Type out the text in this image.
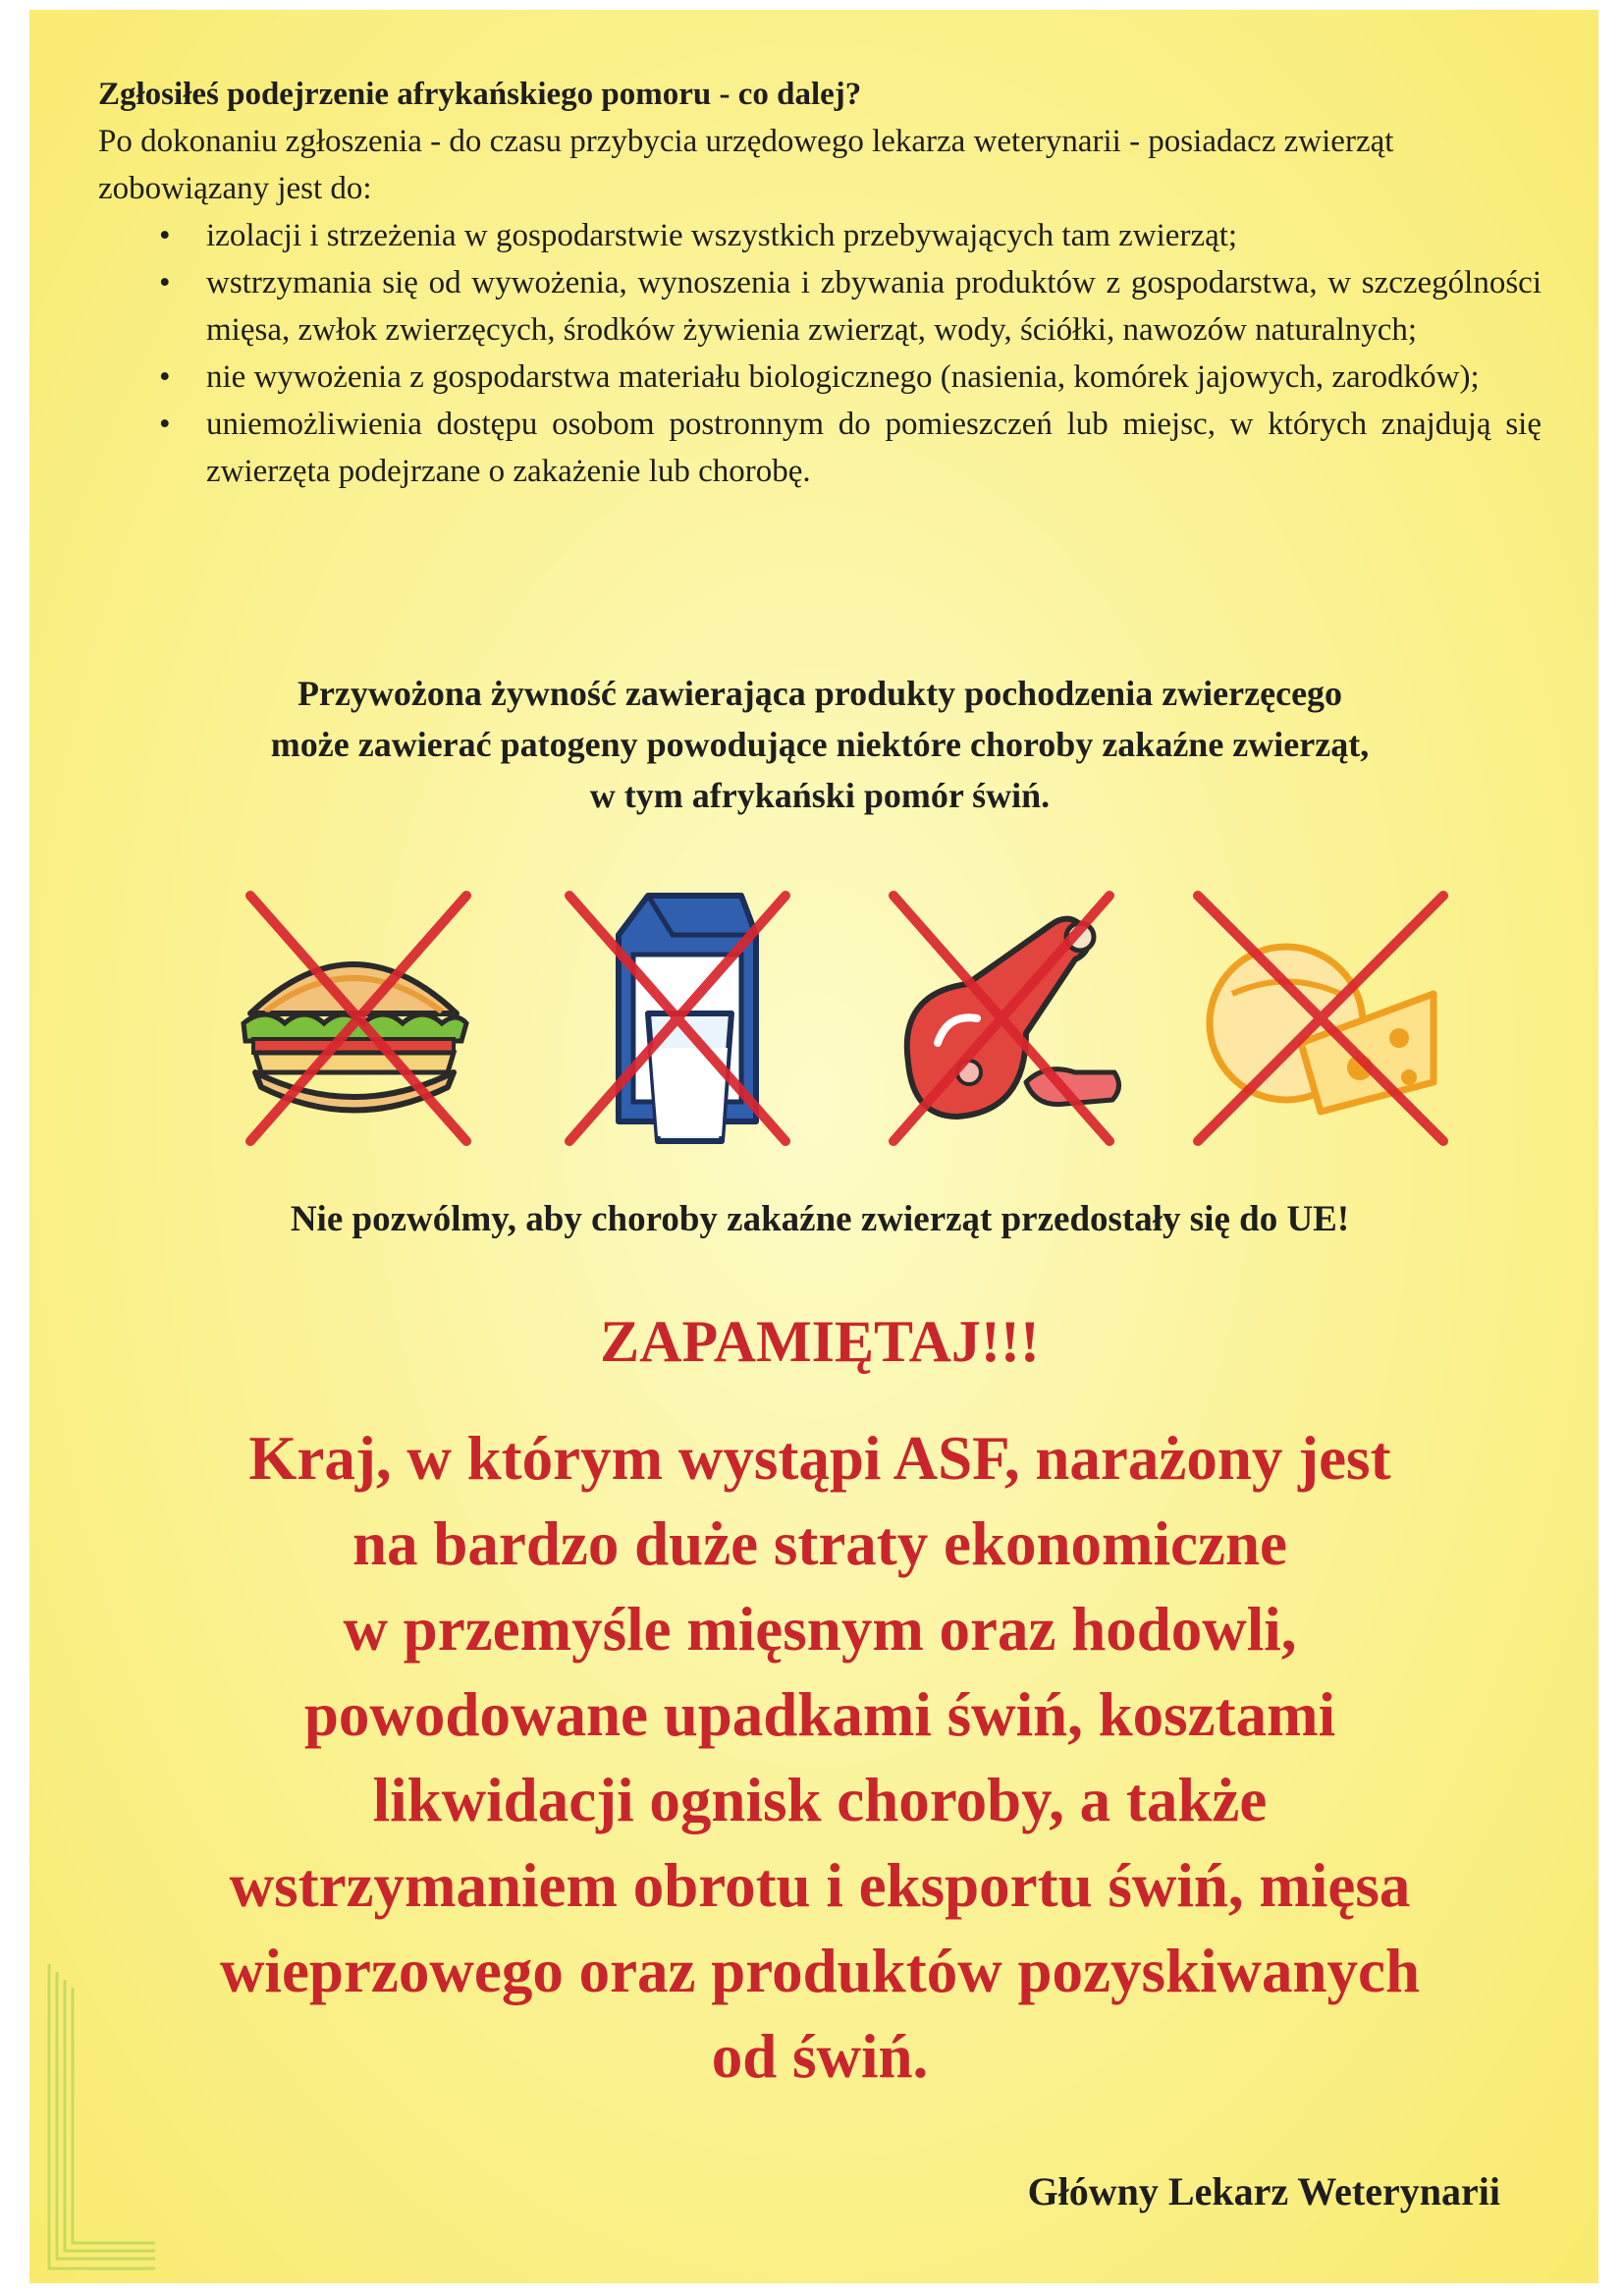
Zgłosiłeś podejrzenie afrykańskiego pomoru - co dalej?
Po dokonaniu zgłoszenia - do czasu przybycia urzędowego lekarza weterynarii - posiadacz zwierząt zobowiązany jest do:
• izolacji i strzeżenia w gospodarstwie wszystkich przebywających tam zwierząt;
• wstrzymania się od wywożenia, wynoszenia i zbywania produktów z gospodarstwa, w szczególności mięsa, zwłok zwierzęcych, środków żywienia zwierząt, wody, ściółki, nawozów naturalnych;
• nie wywożenia z gospodarstwa materiału biologicznego (nasienia, komórek jajowych, zarodków);
• uniemożliwienia dostępu osobom postronnym do pomieszczeń lub miejsc, w których znajdują się zwierzęta podejrzane o zakażenie lub chorobę.
Przywożona żywność zawierająca produkty pochodzenia zwierzęcego
może zawierać patogeny powodujące niektóre choroby zakaźne zwierząt,
w tym afrykański pomór świń.
Nie pozwólmy, aby choroby zakaźne zwierząt przedostały się do UE!
ZAPAMIĘTAJ!!!
Kraj, w którym wystąpi ASF, narażony jest
na bardzo duże straty ekonomiczne
w przemyśle mięsnym oraz hodowli,
powodowane upadkami świń, kosztami
likwidacji ognisk choroby, a także
wstrzymaniem obrotu i eksportu świń, mięsa
wieprzowego oraz produktów pozyskiwanych
od świń.
Główny Lekarz Weterynarii
